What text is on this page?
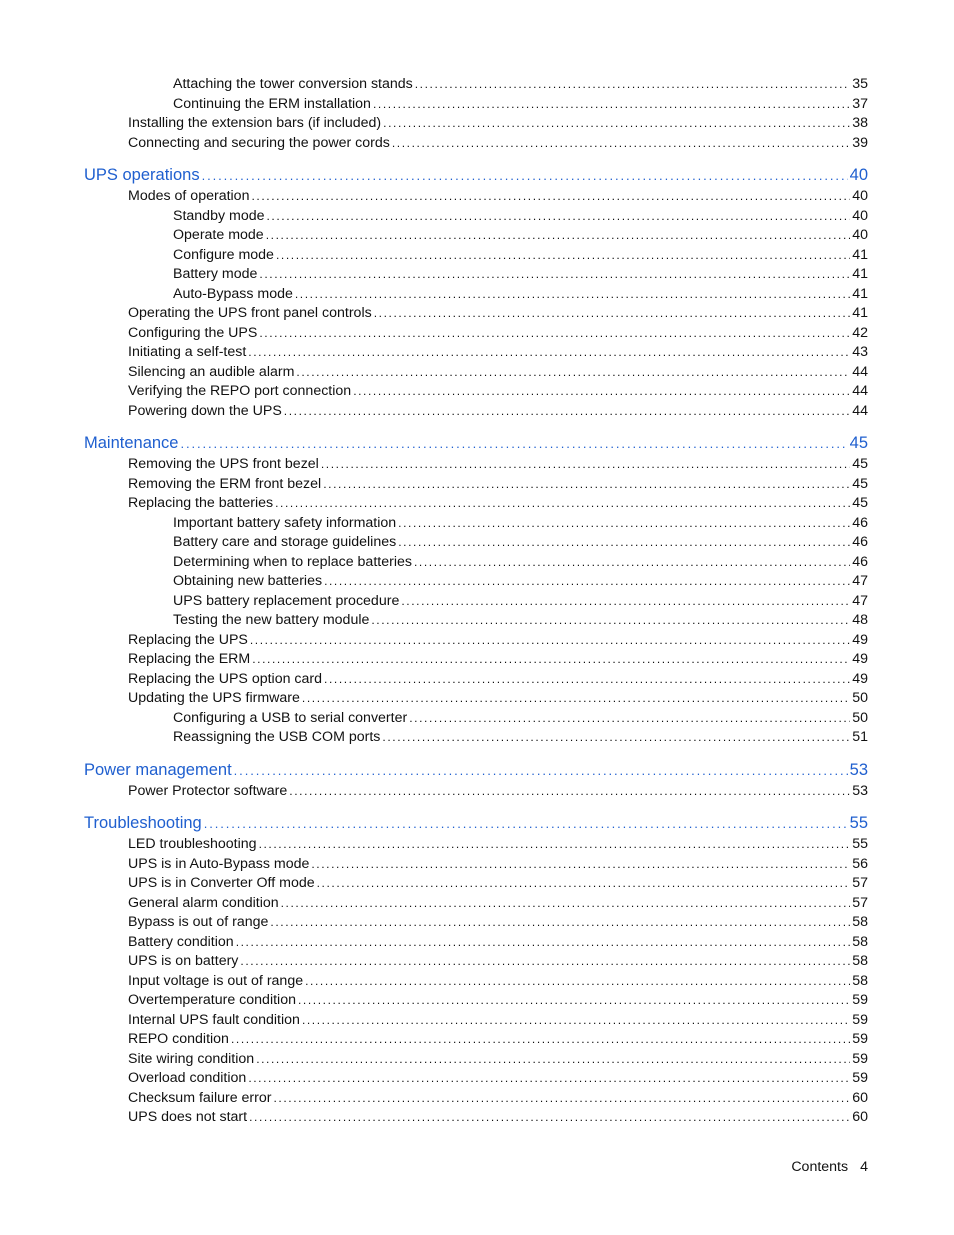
Attaching the tower conversion stands .....	35
Continuing the ERM installation .....	37
Installing the extension bars (if included) .....	38
Connecting and securing the power cords .....	39
UPS operations .....	40
Modes of operation .....	40
Standby mode .....	40
Operate mode .....	40
Configure mode .....	41
Battery mode .....	41
Auto-Bypass mode .....	41
Operating the UPS front panel controls .....	41
Configuring the UPS .....	42
Initiating a self-test .....	43
Silencing an audible alarm .....	44
Verifying the REPO port connection .....	44
Powering down the UPS .....	44
Maintenance .....	45
Removing the UPS front bezel .....	45
Removing the ERM front bezel .....	45
Replacing the batteries .....	45
Important battery safety information .....	46
Battery care and storage guidelines .....	46
Determining when to replace batteries .....	46
Obtaining new batteries .....	47
UPS battery replacement procedure .....	47
Testing the new battery module .....	48
Replacing the UPS .....	49
Replacing the ERM .....	49
Replacing the UPS option card .....	49
Updating the UPS firmware .....	50
Configuring a USB to serial converter .....	50
Reassigning the USB COM ports .....	51
Power management .....	53
Power Protector software .....	53
Troubleshooting .....	55
LED troubleshooting .....	55
UPS is in Auto-Bypass mode .....	56
UPS is in Converter Off mode .....	57
General alarm condition .....	57
Bypass is out of range .....	58
Battery condition .....	58
UPS is on battery .....	58
Input voltage is out of range .....	58
Overtemperature condition .....	59
Internal UPS fault condition .....	59
REPO condition .....	59
Site wiring condition .....	59
Overload condition .....	59
Checksum failure error .....	60
UPS does not start .....	60
Contents 4
